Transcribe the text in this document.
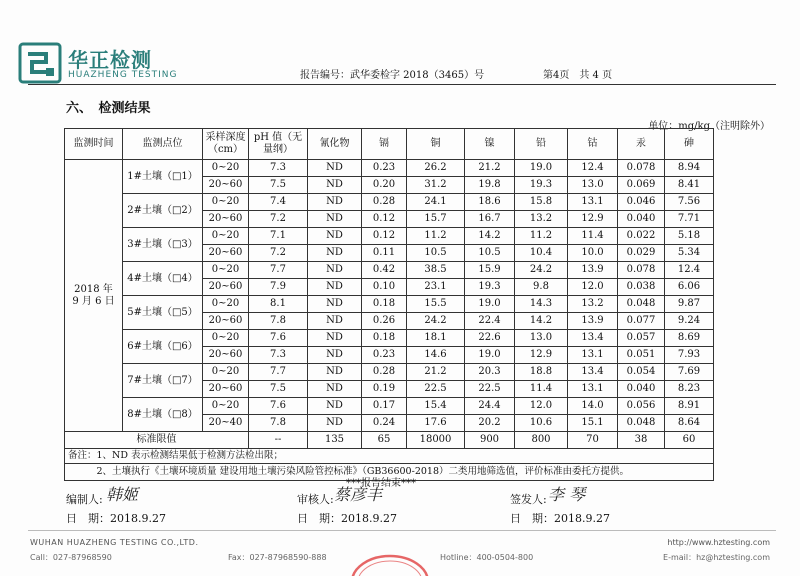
华正检测
HUAZHENG TESTING	报告编号：武华委检字 2018（3465）号	第4页　共 4 页
六、　检测结果
单位：mg/kg（注明除外）
监测时间	监测点位	采样深度（cm）	pH 值（无量纲）	氰化物	镉	铜	镍	铅	钴	汞	砷
2018 年
9 月 6 日	1#土壤（□1）	0~20	7.3	ND	0.23	26.2	21.2	19.0	12.4	0.078	8.94
		20~60	7.5	ND	0.20	31.2	19.8	19.3	13.0	0.069	8.41
	2#土壤（□2）	0~20	7.4	ND	0.28	24.1	18.6	15.8	13.1	0.046	7.56
		20~60	7.2	ND	0.12	15.7	16.7	13.2	12.9	0.040	7.71
	3#土壤（□3）	0~20	7.1	ND	0.12	11.2	14.2	11.2	11.4	0.022	5.18
		20~60	7.2	ND	0.11	10.5	10.5	10.4	10.0	0.029	5.34
	4#土壤（□4）	0~20	7.7	ND	0.42	38.5	15.9	24.2	13.9	0.078	12.4
		20~60	7.9	ND	0.10	23.1	19.3	9.8	12.0	0.038	6.06
	5#土壤（□5）	0~20	8.1	ND	0.18	15.5	19.0	14.3	13.2	0.048	9.87
		20~60	7.8	ND	0.26	24.2	22.4	14.2	13.9	0.077	9.24
	6#土壤（□6）	0~20	7.6	ND	0.18	18.1	22.6	13.0	13.4	0.057	8.69
		20~60	7.3	ND	0.23	14.6	19.0	12.9	13.1	0.051	7.93
	7#土壤（□7）	0~20	7.7	ND	0.28	21.2	20.3	18.8	13.4	0.054	7.69
		20~60	7.5	ND	0.19	22.5	22.5	11.4	13.1	0.040	8.23
	8#土壤（□8）	0~20	7.6	ND	0.17	15.4	24.4	12.0	14.0	0.056	8.91
		20~40	7.8	ND	0.24	17.6	20.2	10.6	15.1	0.048	8.64
标准限值			--	135	65	18000	900	800	70	38	60
备注：1、ND 表示检测结果低于检测方法检出限；											
　　　2、土壤执行《土壤环境质量 建设用地土壤污染风险管控标准》（GB36600-2018）二类用地筛选值，评价标准由委托方提供。											
***报告结束***
编制人: 韩姬
日　期：2018.9.27
审核人: 蔡彦丰
日　期：2018.9.27
签发人: 李 琴
日　期：2018.9.27
WUHAN HUAZHENG TESTING CO.,LTD.	http://www.hztesting.com
Call：027-87968590	Fax：027-87968590-888	Hotline：400-0504-800	E-mail：hz@hztesting.com
